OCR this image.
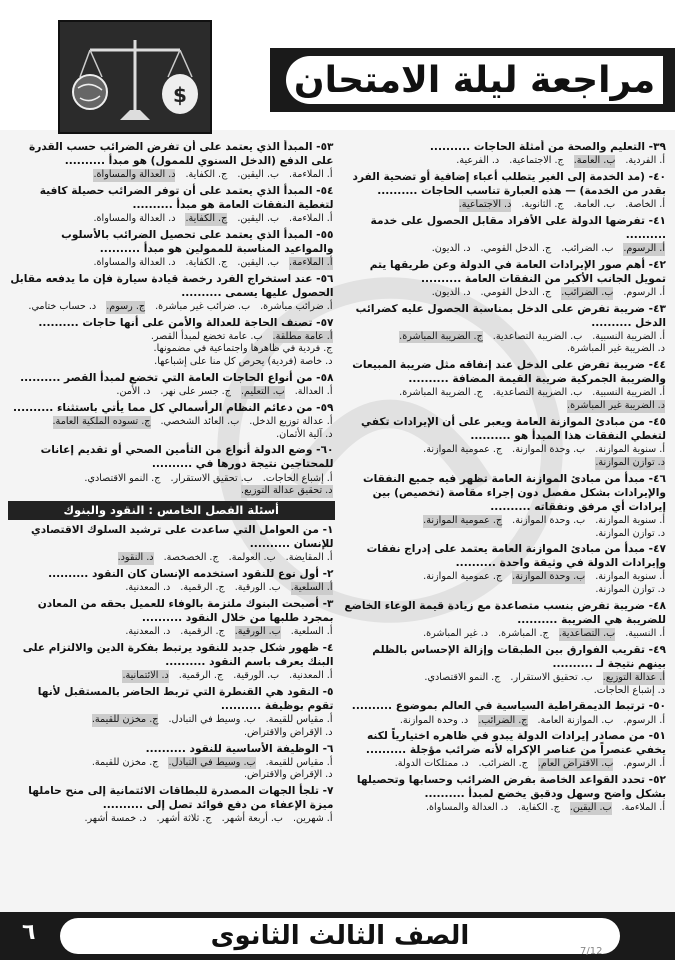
$	مراجعة ليلة الامتحان
٣٩- التعليم والصحة من أمثلة الحاجات ..........
أ. الفردية.
ب. العامة.
ج. الاجتماعية.
د. الفرعية.
٤٠- (مد الخدمة إلى الغير يتطلب أعباء إضافية أو تضحية الفرد بقدر من الخدمة) — هذه العبارة تناسب الحاجات ..........
أ. الخاصة.
ب. العامة.
ج. الثانوية.
د. الاجتماعية.
٤١- تفرضها الدولة على الأفراد مقابل الحصول على خدمة ..........
أ. الرسوم.
ب. الضرائب.
ج. الدخل القومي.
د. الديون.
٤٢- أهم صور الإيرادات العامة في الدولة وعن طريقها يتم تمويل الجانب الأكبر من النفقات العامة ..........
أ. الرسوم.
ب. الضرائب.
ج. الدخل القومي.
د. الديون.
٤٣- ضريبة تفرض على الدخل بمناسبة الحصول عليه كضرائب الدخل ..........
أ. الضريبة النسبية.
ب. الضريبة التصاعدية.
ج. الضريبة المباشرة.
د. الضريبة غير المباشرة.
٤٤- ضريبة تفرض على الدخل عند إنفاقه مثل ضريبة المبيعات والضريبة الجمركية ضريبة القيمة المضافة ..........
أ. الضريبة النسبية.
ب. الضريبة التصاعدية.
ج. الضريبة المباشرة.
د. الضريبة غير المباشرة.
٤٥- من مبادئ الموازنة العامة ويعبر على أن الإيرادات تكفي لتغطي النفقات هذا المبدأ هو ..........
أ. سنوية الموازنة.
ب. وحدة الموازنة.
ج. عمومية الموازنة.
د. توازن الموازنة.
٤٦- مبدأ من مبادئ الموازنة العامة تظهر فيه جميع النفقات والإيرادات بشكل مفصل دون إجراء مقاصة (تخصيص) بين إيرادات أي مرفق ونفقاته ..........
أ. سنوية الموازنة.
ب. وحدة الموازنة.
ج. عمومية الموازنة.
د. توازن الموازنة.
٤٧- مبدأ من مبادئ الموازنة العامة يعتمد على إدراج نفقات وإيرادات الدولة في وثيقة واحدة ..........
أ. سنوية الموازنة.
ب. وحدة الموازنة.
ج. عمومية الموازنة.
د. توازن الموازنة.
٤٨- ضريبة تفرض بنسب متصاعدة مع زيادة قيمة الوعاء الخاضع للضريبة هي الضريبة ..........
أ. النسبية.
ب. التصاعدية.
ج. المباشرة.
د. غير المباشرة.
٤٩- تقريب الفوارق بين الطبقات وإزالة الإحساس بالظلم بينهم نتيجة لـ ..........
أ. عدالة التوزيع.
ب. تحقيق الاستقرار.
ج. النمو الاقتصادي.
د. إشباع الحاجات.
٥٠- ترتبط الديمقراطية السياسية في العالم بموضوع ..........
أ. الرسوم.
ب. الموازنة العامة.
ج. الضرائب.
د. وحدة الموازنة.
٥١- من مصادر إيرادات الدولة يبدو في ظاهره اختيارياً لكنه يخفي عنصراً من عناصر الإكراه لأنه ضرائب مؤجلة ..........
أ. الرسوم.
ب. الاقتراض العام.
ج. الضرائب.
د. ممتلكات الدولة.
٥٢- تحدد القواعد الخاصة بفرض الضرائب وحسابها وتحصيلها بشكل واضح وسهل ودقيق يخضع لمبدأ ..........
أ. الملاءمة.
ب. اليقين.
ج. الكفاية.
د. العدالة والمساواة.
٥٣- المبدأ الذي يعتمد على أن تفرض الضرائب حسب القدرة على الدفع (الدخل السنوي للممول) هو مبدأ ..........
أ. الملاءمة.
ب. اليقين.
ج. الكفاية.
د. العدالة والمساواة.
٥٤- المبدأ الذي يعتمد على أن توفر الضرائب حصيلة كافية لتغطية النفقات العامة هو مبدأ ..........
أ. الملاءمة.
ب. اليقين.
ج. الكفاية.
د. العدالة والمساواة.
٥٥- المبدأ الذي يعتمد على تحصيل الضرائب بالأسلوب والمواعيد المناسبة للممولين هو مبدأ ..........
أ. الملاءمة.
ب. اليقين.
ج. الكفاية.
د. العدالة والمساواة.
٥٦- عند استخراج الفرد رخصة قيادة سيارة فإن ما يدفعه مقابل الحصول عليها يسمى ..........
أ. ضرائب مباشرة.
ب. ضرائب غير مباشرة.
ج. رسوم.
د. حساب ختامي.
٥٧- تصنف الحاجة للعدالة والأمن على أنها حاجات ..........
أ. عامة مطلقة.
ب. عامة تخضع لمبدأ القصر.
ج. فردية في ظاهرها واجتماعية في مضمونها.
د. خاصة (فردية) يحرص كل منا على إشباعها.
٥٨- من أنواع الحاجات العامة التي تخضع لمبدأ القصر ..........
أ. العدالة.
ب. التعليم.
ج. جسر على نهر.
د. الأمن.
٥٩- من دعائم النظام الرأسمالي كل مما يأتي باستثناء ..........
أ. عدالة توزيع الدخل.
ب. العائد الشخصي.
ج. تسوده الملكية العامة.
د. آلية الأثمان.
٦٠- وضع الدولة أنواع من التأمين الصحي أو تقديم إعانات للمحتاجين نتيجة دورها في ..........
أ. إشباع الحاجات.
ب. تحقيق الاستقرار.
ج. النمو الاقتصادي.
د. تحقيق عدالة التوزيع.
أسئلة الفصل الخامس : النقود والبنوك
١- من العوامل التي ساعدت على ترشيد السلوك الاقتصادي للإنسان ..........
أ. المقايضة.
ب. العولمة.
ج. الخصخصة.
د. النقود.
٢- أول نوع للنقود استخدمه الإنسان كان النقود ..........
أ. السلعية.
ب. الورقية.
ج. الرقمية.
د. المعدنية.
٣- أصبحت البنوك ملتزمة بالوفاء للعميل بحقه من المعادن بمجرد طلبها من خلال النقود ..........
أ. السلعية.
ب. الورقية.
ج. الرقمية.
د. المعدنية.
٤- ظهور شكل جديد للنقود يرتبط بفكرة الدين والالتزام على البنك يعرف باسم النقود ..........
أ. المعدنية.
ب. الورقية.
ج. الرقمية.
د. الائتمانية.
٥- النقود هي القنطرة التي تربط الحاضر بالمستقبل لأنها تقوم بوظيفة ..........
أ. مقياس للقيمة.
ب. وسيط في التبادل.
ج. مخزن للقيمة.
د. الإقراض والاقتراض.
٦- الوظيفة الأساسية للنقود ..........
أ. مقياس للقيمة.
ب. وسيط في التبادل.
ج. مخزن للقيمة.
د. الإقراض والاقتراض.
٧- تلجأ الجهات المصدرة للبطاقات الائتمانية إلى منح حاملها ميزة الإعفاء من دفع فوائد تصل إلى ..........
أ. شهرين.
ب. أربعة أشهر.
ج. ثلاثة أشهر.
د. خمسة أشهر.
٦	الصف الثالث الثانوى
7/12
